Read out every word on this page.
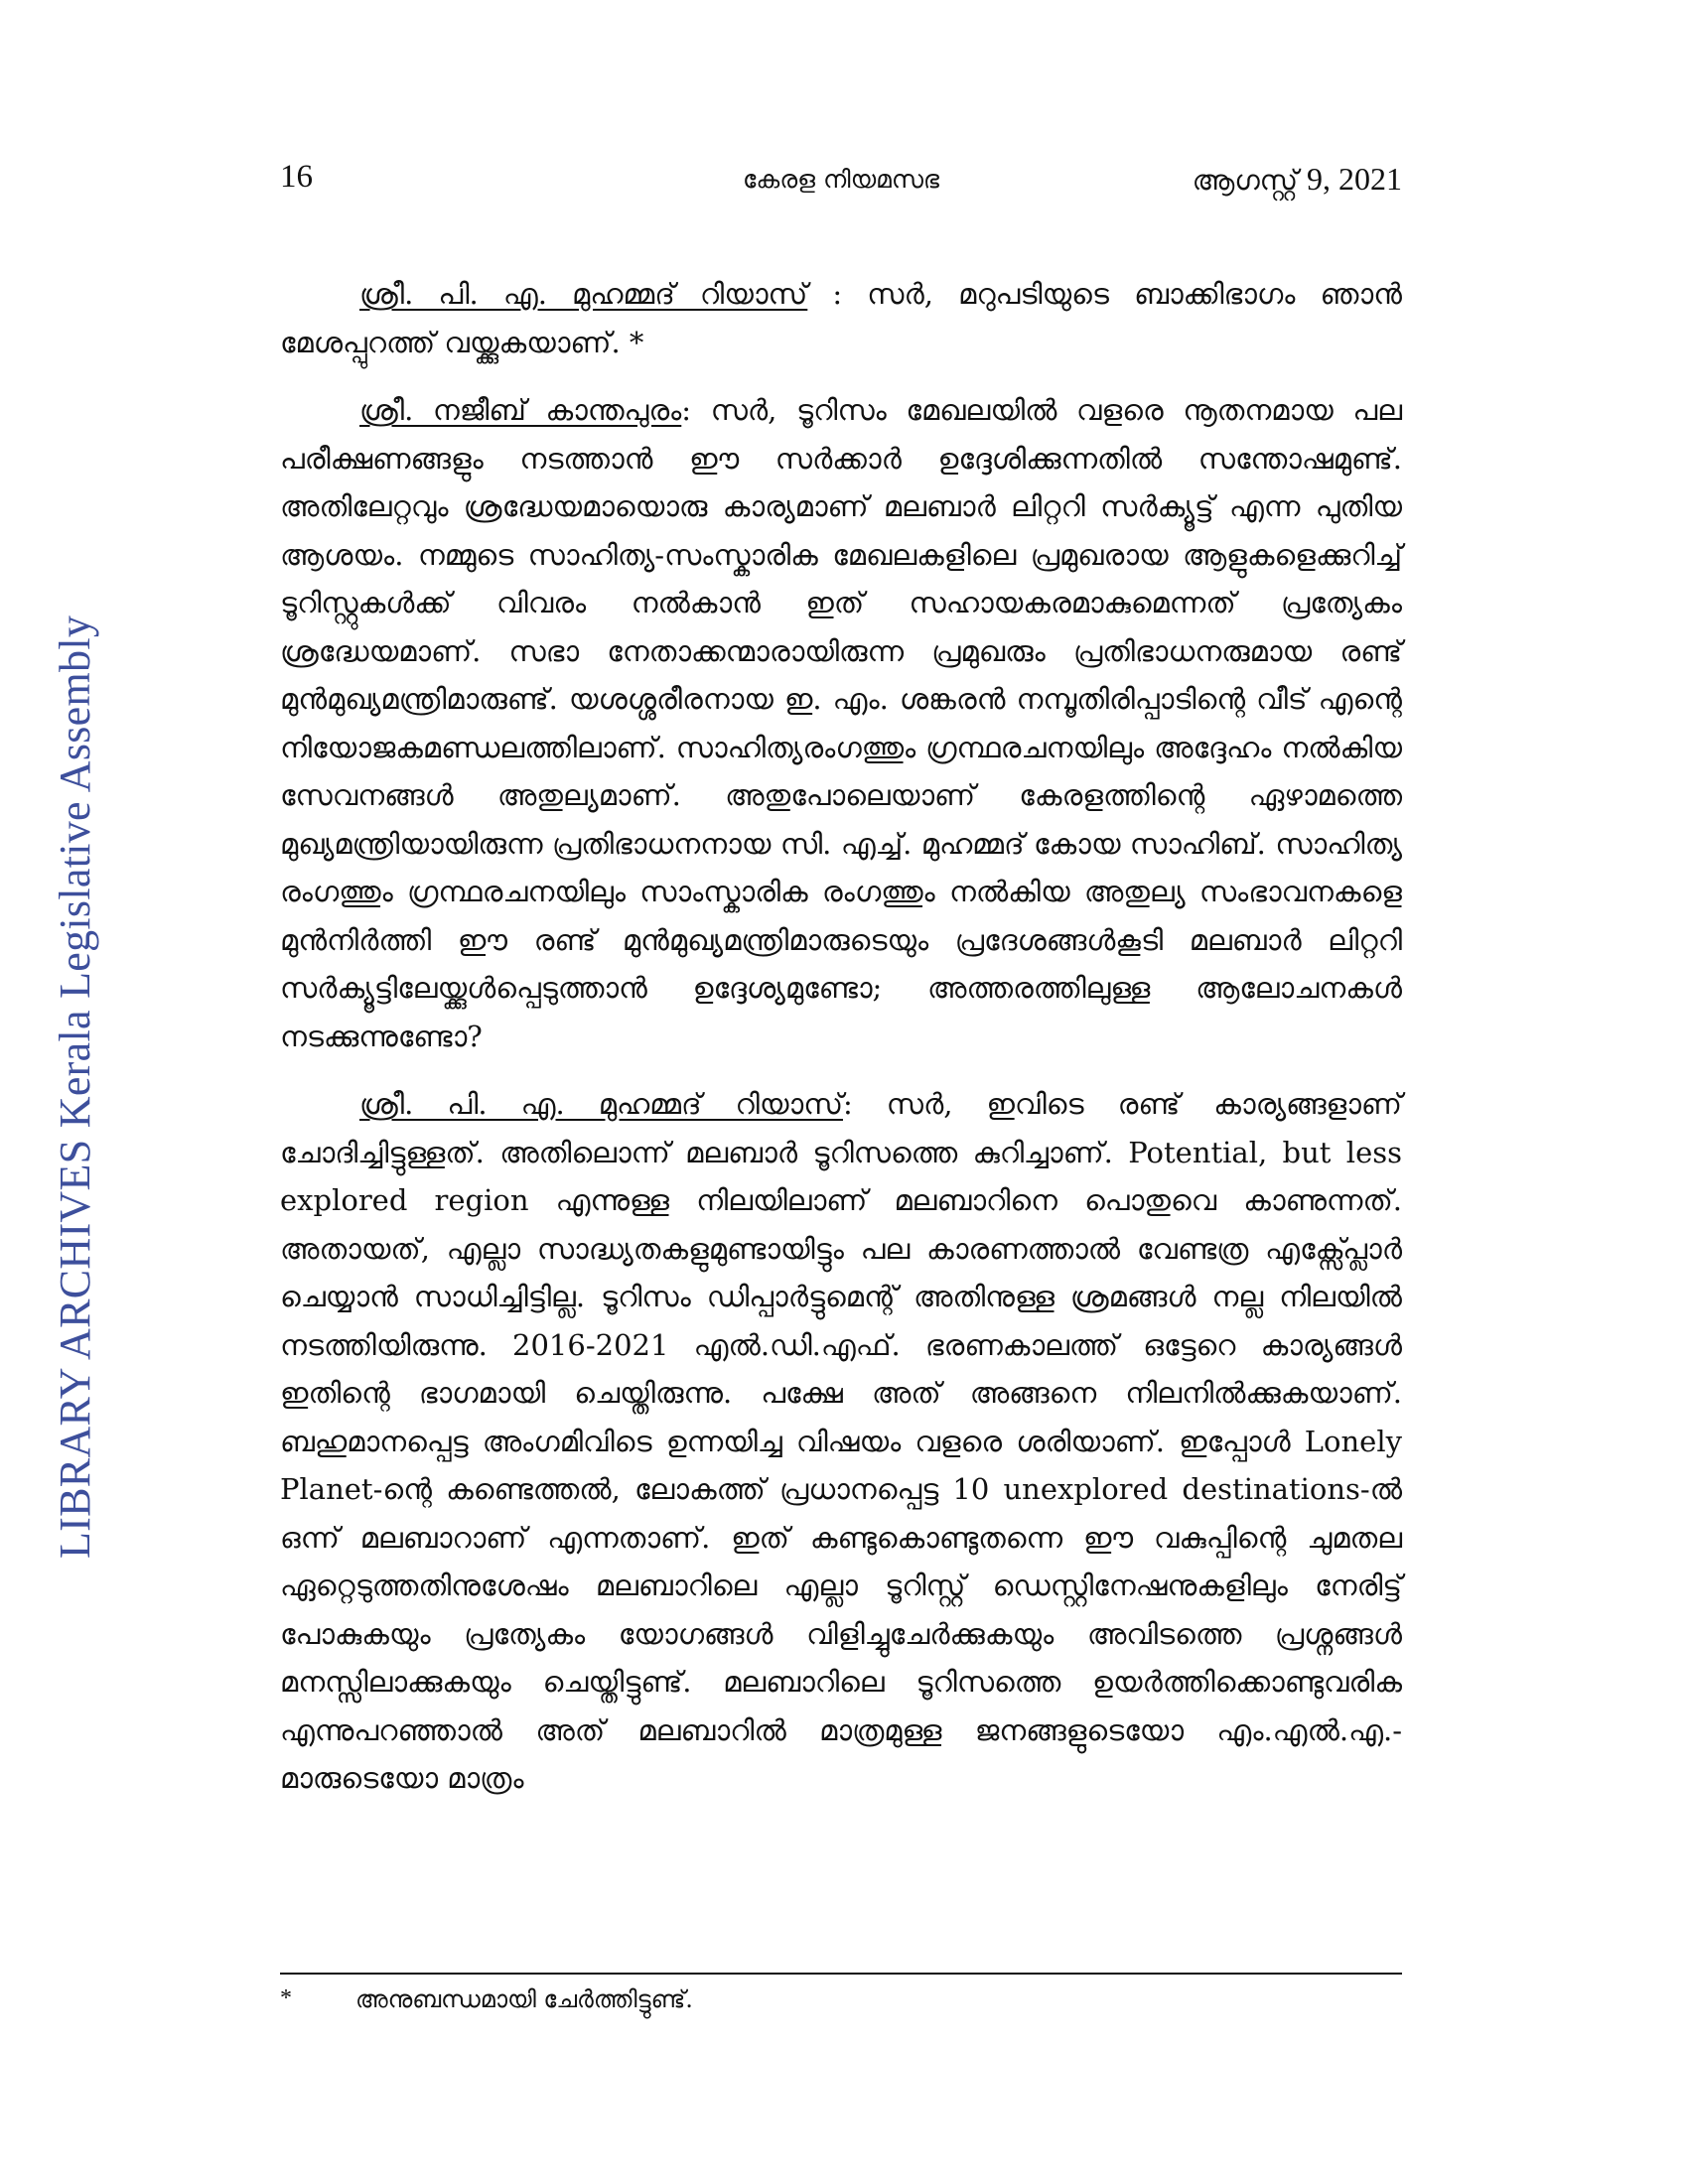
16	കേരള നിയമസഭ	ആഗസ്റ്റ് 9, 2021
LIBRARY ARCHIVES Kerala Legislative Assembly

ശ്രീ. പി. എ. മുഹമ്മദ് റിയാസ് : സർ, മറുപടിയുടെ ബാക്കിഭാഗം ഞാൻ മേശപ്പുറത്ത് വയ്ക്കുകയാണ്. *

ശ്രീ. നജീബ് കാന്തപുരം: സർ, ടൂറിസം മേഖലയിൽ വളരെ നൂതനമായ പല പരീക്ഷണങ്ങളും നടത്താൻ ഈ സർക്കാർ ഉദ്ദേശിക്കുന്നതിൽ സന്തോഷമുണ്ട്. അതിലേറ്റവും ശ്രദ്ധേയമായൊരു കാര്യമാണ് മലബാർ ലിറ്ററി സർക്യൂട്ട് എന്ന പുതിയ ആശയം. നമ്മുടെ സാഹിത്യ-സംസ്കാരിക മേഖലകളിലെ പ്രമുഖരായ ആളുകളെക്കുറിച്ച് ടൂറിസ്റ്റുകൾക്ക് വിവരം നൽകാൻ ഇത് സഹായകരമാകുമെന്നത് പ്രത്യേകം ശ്രദ്ധേയമാണ്. സഭാ നേതാക്കന്മാരായിരുന്ന പ്രമുഖരും പ്രതിഭാധനരുമായ രണ്ട് മുൻമുഖ്യമന്ത്രിമാരുണ്ട്. യശശ്ശരീരനായ ഇ. എം. ശങ്കരൻ നമ്പൂതിരിപ്പാടിന്റെ വീട് എന്റെ നിയോജകമണ്ഡലത്തിലാണ്. സാഹിത്യരംഗത്തും ഗ്രന്ഥരചനയിലും അദ്ദേഹം നൽകിയ സേവനങ്ങൾ അതുല്യമാണ്. അതുപോലെയാണ് കേരളത്തിന്റെ ഏഴാമത്തെ മുഖ്യമന്ത്രിയായിരുന്ന പ്രതിഭാധനനായ സി. എച്ച്. മുഹമ്മദ് കോയ സാഹിബ്. സാഹിത്യ രംഗത്തും ഗ്രന്ഥരചനയിലും സാംസ്കാരിക രംഗത്തും നൽകിയ അതുല്യ സംഭാവനകളെ മുൻനിർത്തി ഈ രണ്ട് മുൻമുഖ്യമന്ത്രിമാരുടെയും പ്രദേശങ്ങൾകൂടി മലബാർ ലിറ്ററി സർക്യൂട്ടിലേയ്ക്കുൾപ്പെടുത്താൻ ഉദ്ദേശ്യമുണ്ടോ; അത്തരത്തിലുള്ള ആലോചനകൾ നടക്കുന്നുണ്ടോ?

ശ്രീ. പി. എ. മുഹമ്മദ് റിയാസ്: സർ, ഇവിടെ രണ്ട് കാര്യങ്ങളാണ് ചോദിച്ചിട്ടുള്ളത്. അതിലൊന്ന് മലബാർ ടൂറിസത്തെ കുറിച്ചാണ്. Potential, but less explored region എന്നുള്ള നിലയിലാണ് മലബാറിനെ പൊതുവെ കാണുന്നത്. അതായത്, എല്ലാ സാദ്ധ്യതകളുമുണ്ടായിട്ടും പല കാരണത്താൽ വേണ്ടത്ര എക്സ്പ്ലോർ ചെയ്യാൻ സാധിച്ചിട്ടില്ല. ടൂറിസം ഡിപ്പാർട്ടുമെന്റ് അതിനുള്ള ശ്രമങ്ങൾ നല്ല നിലയിൽ നടത്തിയിരുന്നു. 2016-2021 എൽ.ഡി.എഫ്. ഭരണകാലത്ത് ഒട്ടേറെ കാര്യങ്ങൾ ഇതിന്റെ ഭാഗമായി ചെയ്തിരുന്നു. പക്ഷേ അത് അങ്ങനെ നിലനിൽക്കുകയാണ്. ബഹുമാനപ്പെട്ട അംഗമിവിടെ ഉന്നയിച്ച വിഷയം വളരെ ശരിയാണ്. ഇപ്പോൾ Lonely Planet-ന്റെ കണ്ടെത്തൽ, ലോകത്ത് പ്രധാനപ്പെട്ട 10 unexplored destinations-ൽ ഒന്ന് മലബാറാണ് എന്നതാണ്. ഇത് കണ്ടുകൊണ്ടുതന്നെ ഈ വകുപ്പിന്റെ ചുമതല ഏറ്റെടുത്തതിനുശേഷം മലബാറിലെ എല്ലാ ടൂറിസ്റ്റ് ഡെസ്റ്റിനേഷനുകളിലും നേരിട്ട് പോകുകയും പ്രത്യേകം യോഗങ്ങൾ വിളിച്ചുചേർക്കുകയും അവിടത്തെ പ്രശ്നങ്ങൾ മനസ്സിലാക്കുകയും ചെയ്തിട്ടുണ്ട്. മലബാറിലെ ടൂറിസത്തെ ഉയർത്തിക്കൊണ്ടുവരിക എന്നുപറഞ്ഞാൽ അത് മലബാറിൽ മാത്രമുള്ള ജനങ്ങളുടെയോ എം.എൽ.എ.-മാരുടെയോ മാത്രം

*	അനുബന്ധമായി ചേർത്തിട്ടുണ്ട്.
